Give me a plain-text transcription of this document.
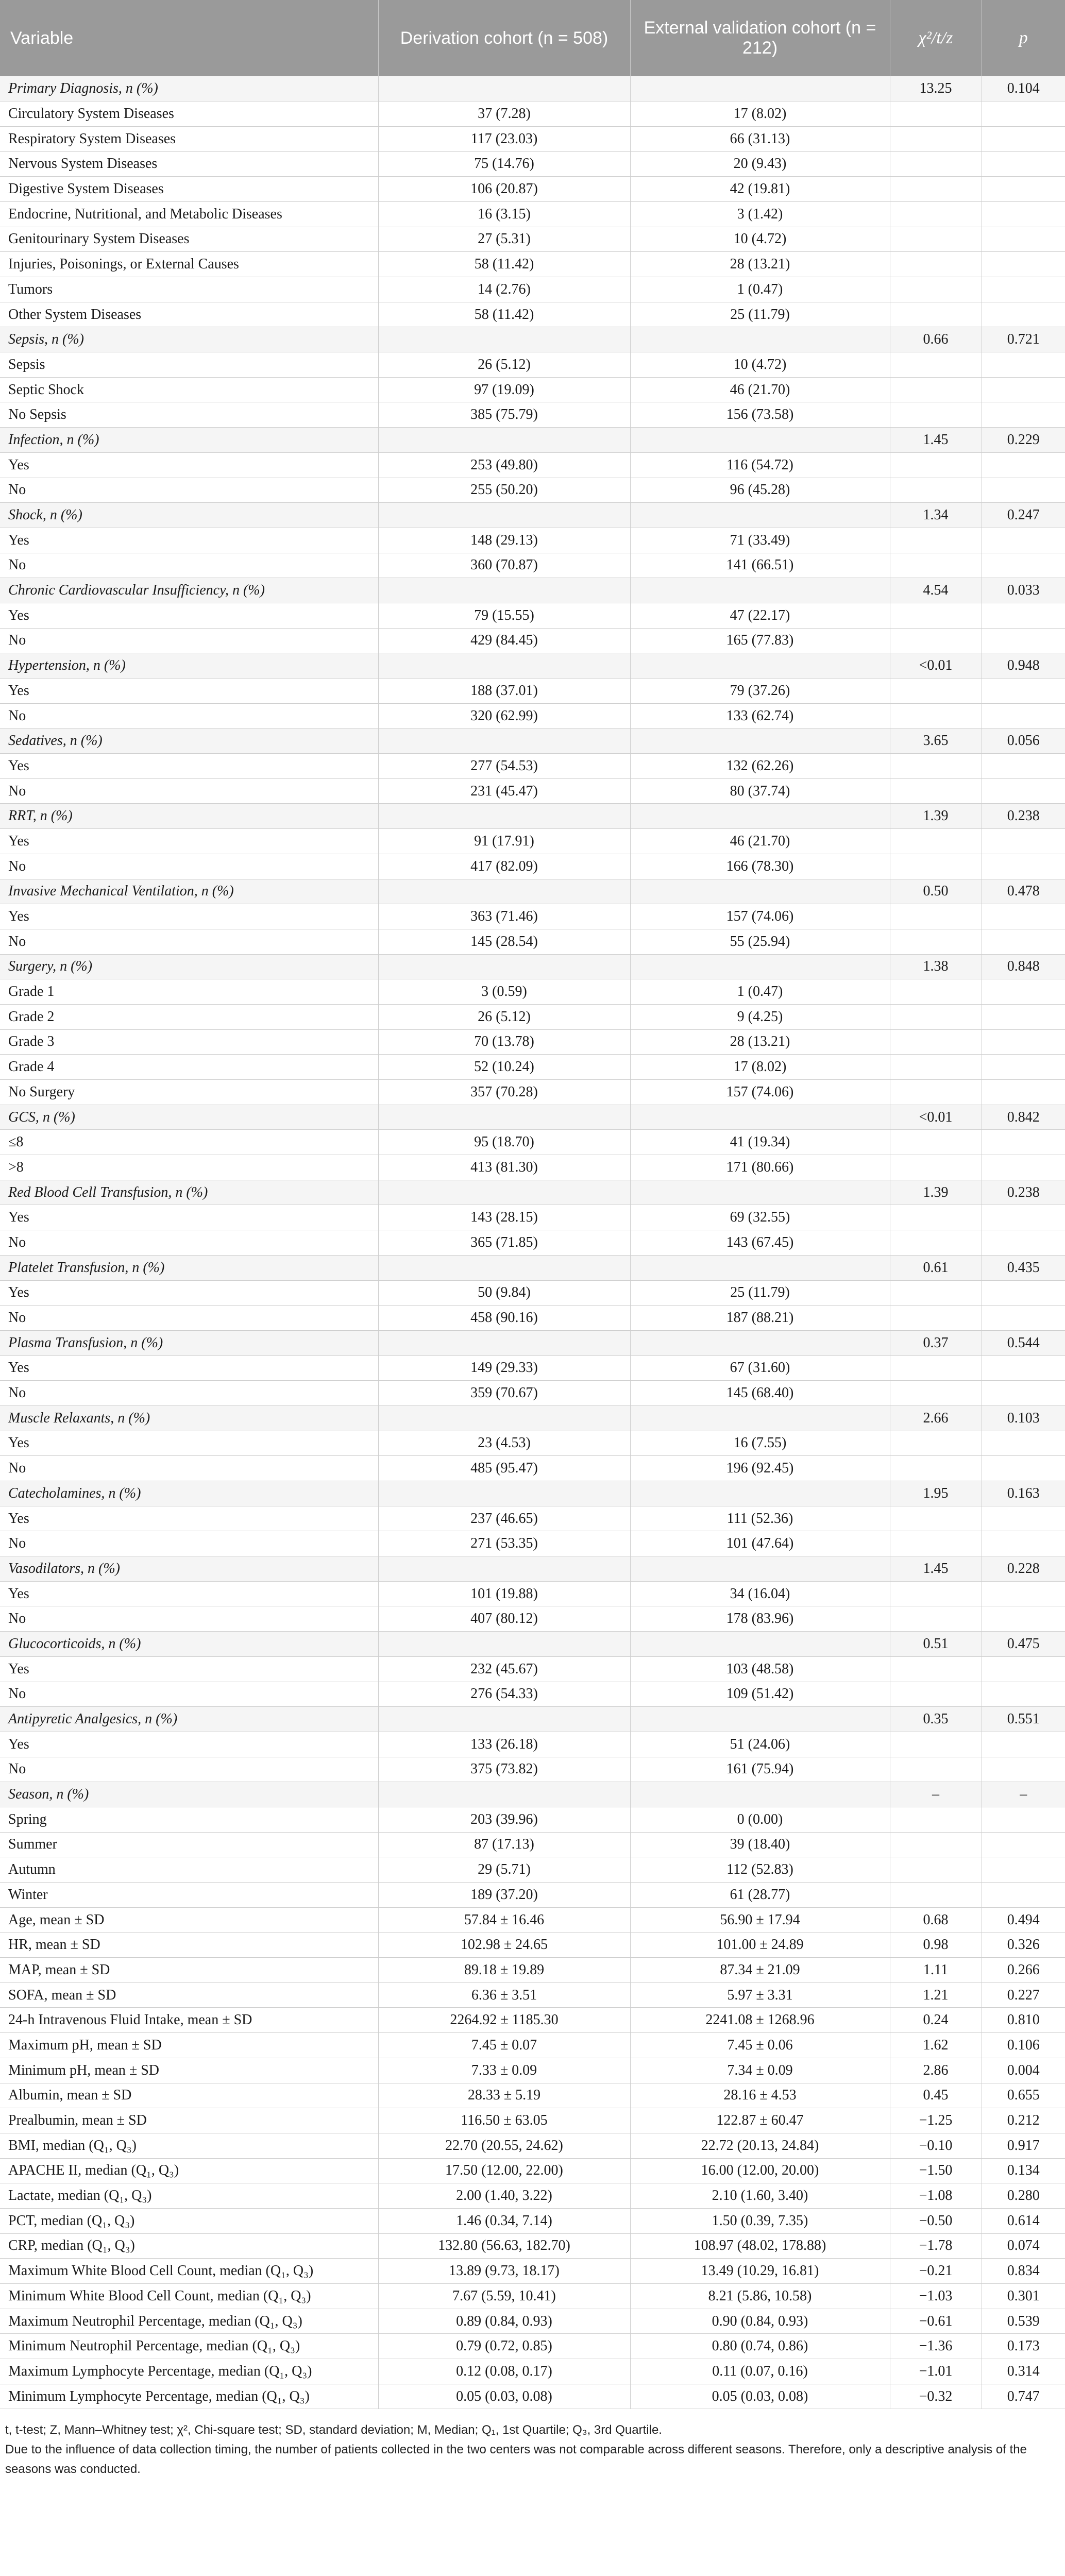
Variable	Derivation cohort (n = 508)	External validation cohort (n = 212)	χ²/t/z	p
Primary Diagnosis, n (%)			13.25	0.104
Circulatory System Diseases	37 (7.28)	17 (8.02)		
Respiratory System Diseases	117 (23.03)	66 (31.13)		
Nervous System Diseases	75 (14.76)	20 (9.43)		
Digestive System Diseases	106 (20.87)	42 (19.81)		
Endocrine, Nutritional, and Metabolic Diseases	16 (3.15)	3 (1.42)		
Genitourinary System Diseases	27 (5.31)	10 (4.72)		
Injuries, Poisonings, or External Causes	58 (11.42)	28 (13.21)		
Tumors	14 (2.76)	1 (0.47)		
Other System Diseases	58 (11.42)	25 (11.79)		
Sepsis, n (%)			0.66	0.721
Sepsis	26 (5.12)	10 (4.72)		
Septic Shock	97 (19.09)	46 (21.70)		
No Sepsis	385 (75.79)	156 (73.58)		
Infection, n (%)			1.45	0.229
Yes	253 (49.80)	116 (54.72)		
No	255 (50.20)	96 (45.28)		
Shock, n (%)			1.34	0.247
Yes	148 (29.13)	71 (33.49)		
No	360 (70.87)	141 (66.51)		
Chronic Cardiovascular Insufficiency, n (%)			4.54	0.033
Yes	79 (15.55)	47 (22.17)		
No	429 (84.45)	165 (77.83)		
Hypertension, n (%)			<0.01	0.948
Yes	188 (37.01)	79 (37.26)		
No	320 (62.99)	133 (62.74)		
Sedatives, n (%)			3.65	0.056
Yes	277 (54.53)	132 (62.26)		
No	231 (45.47)	80 (37.74)		
RRT, n (%)			1.39	0.238
Yes	91 (17.91)	46 (21.70)		
No	417 (82.09)	166 (78.30)		
Invasive Mechanical Ventilation, n (%)			0.50	0.478
Yes	363 (71.46)	157 (74.06)		
No	145 (28.54)	55 (25.94)		
Surgery, n (%)			1.38	0.848
Grade 1	3 (0.59)	1 (0.47)		
Grade 2	26 (5.12)	9 (4.25)		
Grade 3	70 (13.78)	28 (13.21)		
Grade 4	52 (10.24)	17 (8.02)		
No Surgery	357 (70.28)	157 (74.06)		
GCS, n (%)			<0.01	0.842
≤8	95 (18.70)	41 (19.34)		
>8	413 (81.30)	171 (80.66)		
Red Blood Cell Transfusion, n (%)			1.39	0.238
Yes	143 (28.15)	69 (32.55)		
No	365 (71.85)	143 (67.45)		
Platelet Transfusion, n (%)			0.61	0.435
Yes	50 (9.84)	25 (11.79)		
No	458 (90.16)	187 (88.21)		
Plasma Transfusion, n (%)			0.37	0.544
Yes	149 (29.33)	67 (31.60)		
No	359 (70.67)	145 (68.40)		
Muscle Relaxants, n (%)			2.66	0.103
Yes	23 (4.53)	16 (7.55)		
No	485 (95.47)	196 (92.45)		
Catecholamines, n (%)			1.95	0.163
Yes	237 (46.65)	111 (52.36)		
No	271 (53.35)	101 (47.64)		
Vasodilators, n (%)			1.45	0.228
Yes	101 (19.88)	34 (16.04)		
No	407 (80.12)	178 (83.96)		
Glucocorticoids, n (%)			0.51	0.475
Yes	232 (45.67)	103 (48.58)		
No	276 (54.33)	109 (51.42)		
Antipyretic Analgesics, n (%)			0.35	0.551
Yes	133 (26.18)	51 (24.06)		
No	375 (73.82)	161 (75.94)		
Season, n (%)			–	–
Spring	203 (39.96)	0 (0.00)		
Summer	87 (17.13)	39 (18.40)		
Autumn	29 (5.71)	112 (52.83)		
Winter	189 (37.20)	61 (28.77)		
Age, mean ± SD	57.84 ± 16.46	56.90 ± 17.94	0.68	0.494
HR, mean ± SD	102.98 ± 24.65	101.00 ± 24.89	0.98	0.326
MAP, mean ± SD	89.18 ± 19.89	87.34 ± 21.09	1.11	0.266
SOFA, mean ± SD	6.36 ± 3.51	5.97 ± 3.31	1.21	0.227
24-h Intravenous Fluid Intake, mean ± SD	2264.92 ± 1185.30	2241.08 ± 1268.96	0.24	0.810
Maximum pH, mean ± SD	7.45 ± 0.07	7.45 ± 0.06	1.62	0.106
Minimum pH, mean ± SD	7.33 ± 0.09	7.34 ± 0.09	2.86	0.004
Albumin, mean ± SD	28.33 ± 5.19	28.16 ± 4.53	0.45	0.655
Prealbumin, mean ± SD	116.50 ± 63.05	122.87 ± 60.47	−1.25	0.212
BMI, median (Q₁, Q₃)	22.70 (20.55, 24.62)	22.72 (20.13, 24.84)	−0.10	0.917
APACHE II, median (Q₁, Q₃)	17.50 (12.00, 22.00)	16.00 (12.00, 20.00)	−1.50	0.134
Lactate, median (Q₁, Q₃)	2.00 (1.40, 3.22)	2.10 (1.60, 3.40)	−1.08	0.280
PCT, median (Q₁, Q₃)	1.46 (0.34, 7.14)	1.50 (0.39, 7.35)	−0.50	0.614
CRP, median (Q₁, Q₃)	132.80 (56.63, 182.70)	108.97 (48.02, 178.88)	−1.78	0.074
Maximum White Blood Cell Count, median (Q₁, Q₃)	13.89 (9.73, 18.17)	13.49 (10.29, 16.81)	−0.21	0.834
Minimum White Blood Cell Count, median (Q₁, Q₃)	7.67 (5.59, 10.41)	8.21 (5.86, 10.58)	−1.03	0.301
Maximum Neutrophil Percentage, median (Q₁, Q₃)	0.89 (0.84, 0.93)	0.90 (0.84, 0.93)	−0.61	0.539
Minimum Neutrophil Percentage, median (Q₁, Q₃)	0.79 (0.72, 0.85)	0.80 (0.74, 0.86)	−1.36	0.173
Maximum Lymphocyte Percentage, median (Q₁, Q₃)	0.12 (0.08, 0.17)	0.11 (0.07, 0.16)	−1.01	0.314
Minimum Lymphocyte Percentage, median (Q₁, Q₃)	0.05 (0.03, 0.08)	0.05 (0.03, 0.08)	−0.32	0.747
t, t-test; Z, Mann–Whitney test; χ², Chi-square test; SD, standard deviation; M, Median; Q₁, 1st Quartile; Q₃, 3rd Quartile.
Due to the influence of data collection timing, the number of patients collected in the two centers was not comparable across different seasons. Therefore, only a descriptive analysis of the seasons was conducted.
